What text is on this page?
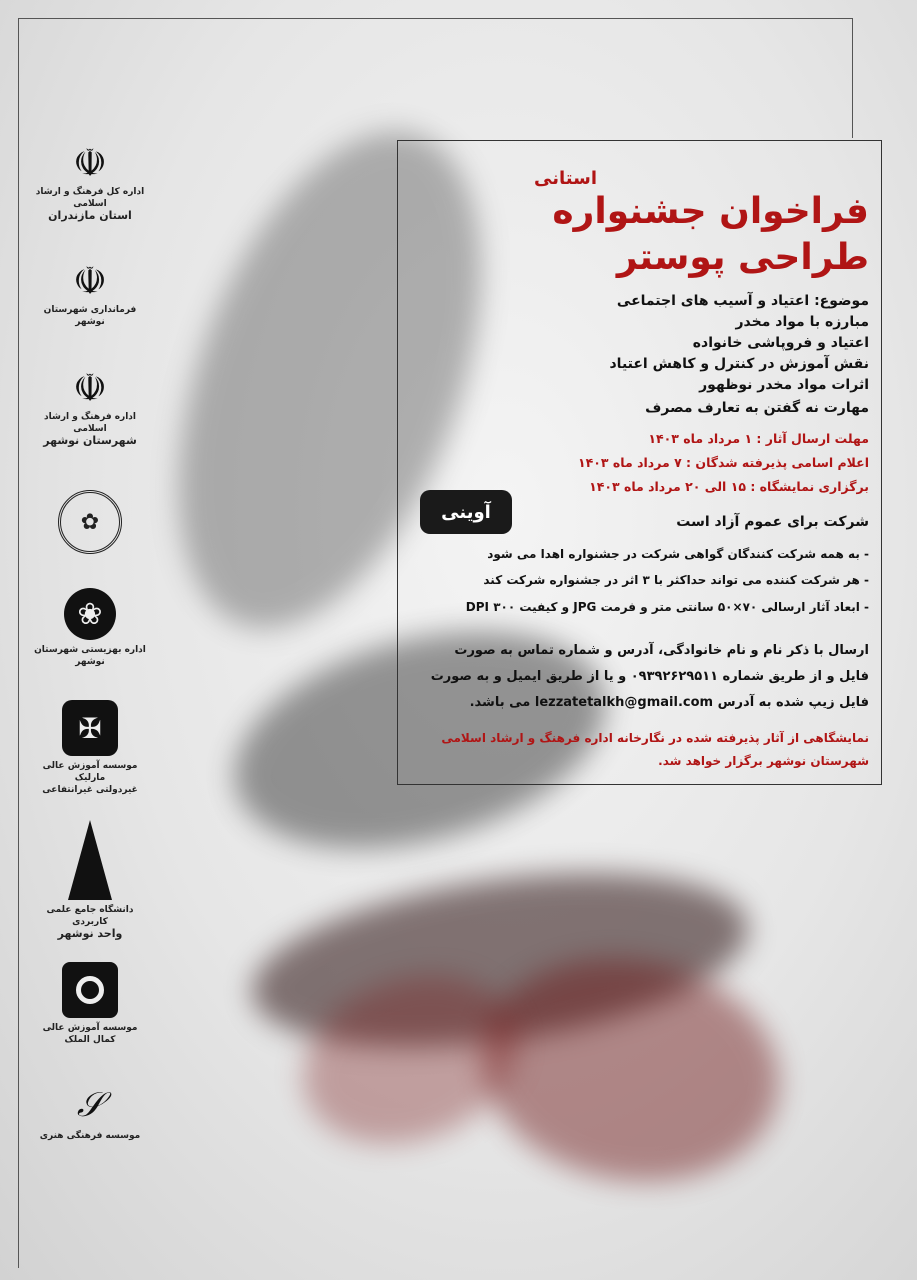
☫
اداره کل فرهنگ و ارشاد اسلامی
استان مازندران
☫
فرمانداری شهرستان نوشهر
☫
اداره فرهنگ و ارشاد اسلامی
شهرستان نوشهر
✿
❀
اداره بهزیستی شهرستان نوشهر
✠
موسسه آموزش عالی مارلیک
غیردولتی غیرانتفاعی
دانشگاه جامع علمی کاربردی
واحد نوشهر
موسسه آموزش عالی کمال الملک
𝒮
موسسه فرهنگی هنری
استانی
فراخوان جشنواره
طراحی پوستر
موضوع: اعتیاد و آسیب های اجتماعی
مبارزه با مواد مخدر
اعتیاد و فروپاشی خانواده
نقش آموزش در کنترل و کاهش اعتیاد
اثرات مواد مخدر نوظهور
مهارت نه گفتن به تعارف مصرف
مهلت ارسال آثار : ۱ مرداد ماه ۱۴۰۳
اعلام اسامی پذیرفته شدگان : ۷ مرداد ماه ۱۴۰۳
برگزاری نمایشگاه : ۱۵ الی ۲۰ مرداد ماه ۱۴۰۳
آوینی	شرکت برای عموم آزاد است
- به همه شرکت کنندگان گواهی شرکت در جشنواره اهدا می شود
- هر شرکت کننده می تواند حداکثر با ۳ اثر در جشنواره شرکت کند
- ابعاد آثار ارسالی ۷۰×۵۰ سانتی متر و فرمت JPG و کیفیت ۳۰۰ DPI
ارسال با ذکر نام و نام خانوادگی، آدرس و شماره تماس به صورت
فایل و از طریق شماره ۰۹۳۹۲۶۲۹۵۱۱ و یا از طریق ایمیل و به صورت
فایل زیپ شده به آدرس lezzatetalkh@gmail.com می باشد.
نمایشگاهی از آثار پذیرفته شده در نگارخانه اداره فرهنگ و ارشاد اسلامی
شهرستان نوشهر برگزار خواهد شد.
